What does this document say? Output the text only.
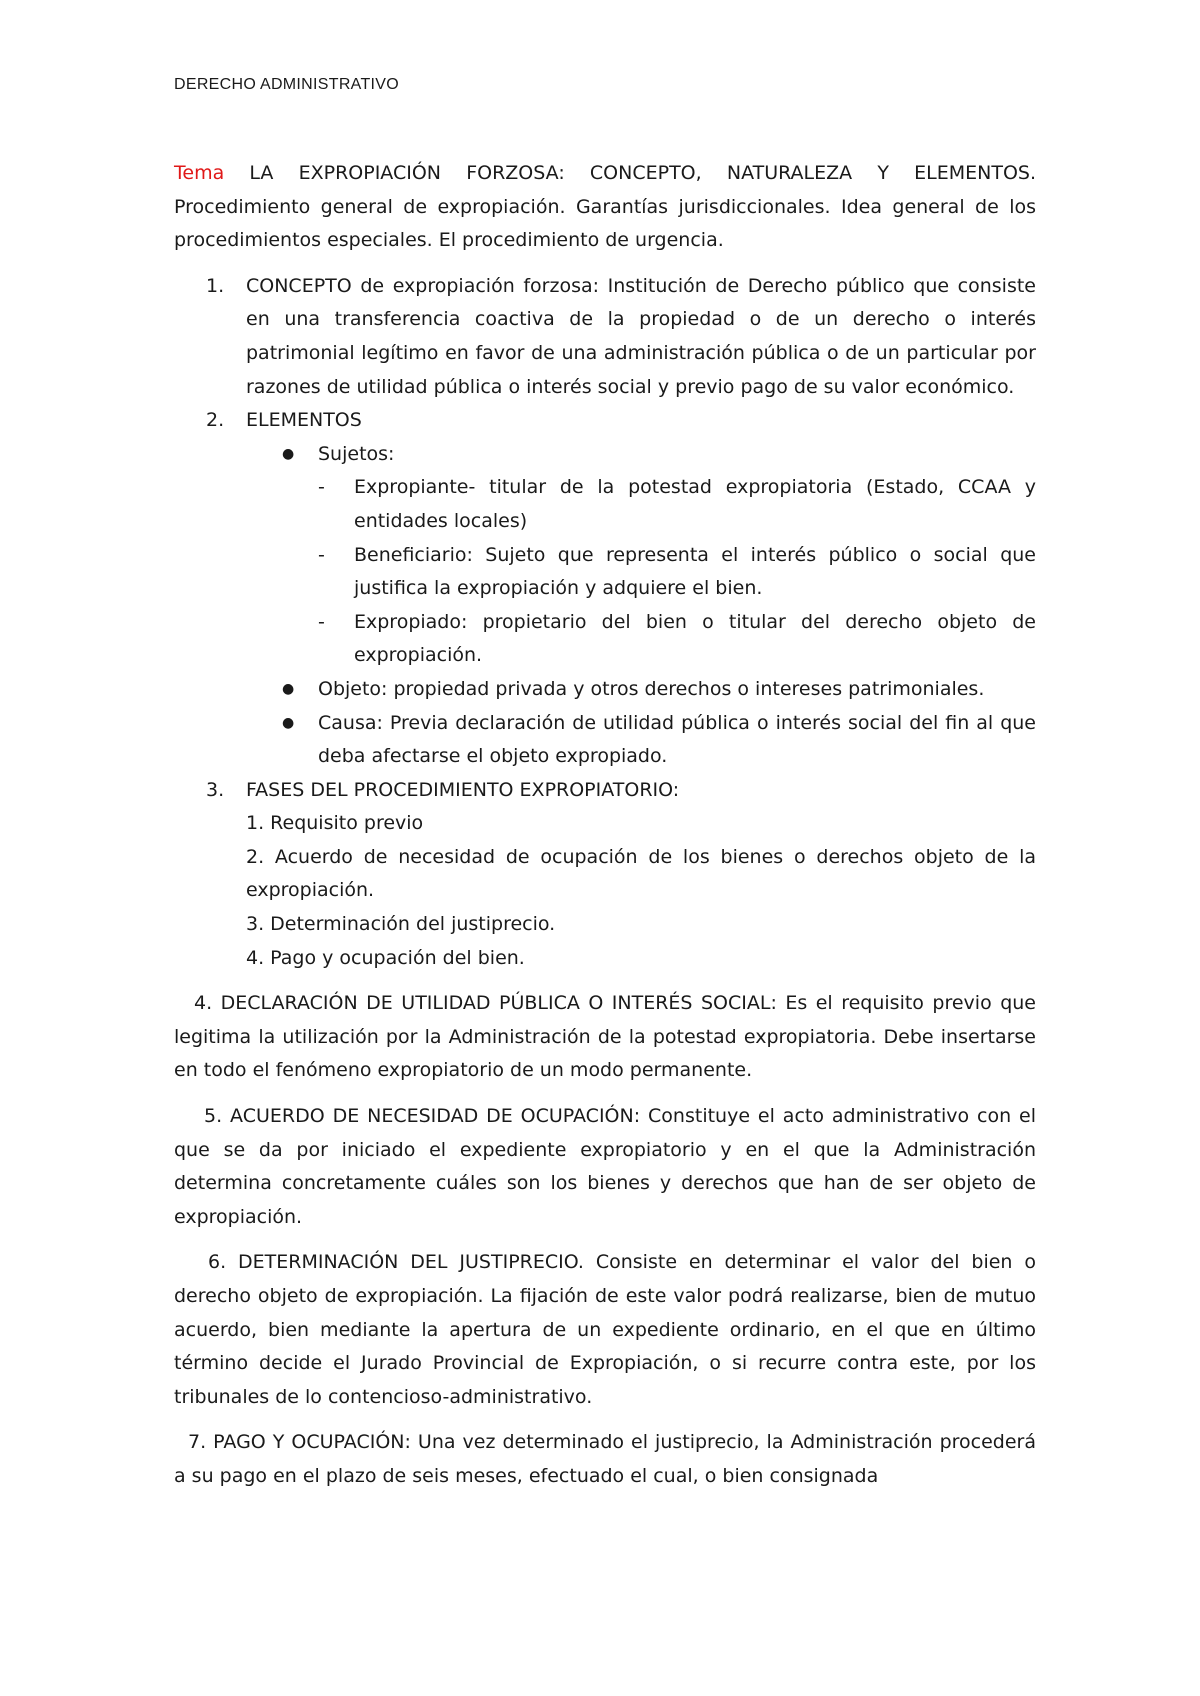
DERECHO ADMINISTRATIVO

Tema LA EXPROPIACIÓN FORZOSA: CONCEPTO, NATURALEZA Y ELEMENTOS. Procedimiento general de expropiación. Garantías jurisdiccionales. Idea general de los procedimientos especiales. El procedimiento de urgencia.

1. CONCEPTO de expropiación forzosa: Institución de Derecho público que consiste en una transferencia coactiva de la propiedad o de un derecho o interés patrimonial legítimo en favor de una administración pública o de un particular por razones de utilidad pública o interés social y previo pago de su valor económico.
2. ELEMENTOS
● Sujetos:
- Expropiante- titular de la potestad expropiatoria (Estado, CCAA y entidades locales)
- Beneficiario: Sujeto que representa el interés público o social que justifica la expropiación y adquiere el bien.
- Expropiado: propietario del bien o titular del derecho objeto de expropiación.
● Objeto: propiedad privada y otros derechos o intereses patrimoniales.
● Causa: Previa declaración de utilidad pública o interés social del fin al que deba afectarse el objeto expropiado.
3. FASES DEL PROCEDIMIENTO EXPROPIATORIO:

1. Requisito previo

2. Acuerdo de necesidad de ocupación de los bienes o derechos objeto de la expropiación.

3. Determinación del justiprecio.

4. Pago y ocupación del bien.

4. DECLARACIÓN DE UTILIDAD PÚBLICA O INTERÉS SOCIAL: Es el requisito previo que legitima la utilización por la Administración de la potestad expropiatoria. Debe insertarse en todo el fenómeno expropiatorio de un modo permanente.

5. ACUERDO DE NECESIDAD DE OCUPACIÓN: Constituye el acto administrativo con el que se da por iniciado el expediente expropiatorio y en el que la Administración determina concretamente cuáles son los bienes y derechos que han de ser objeto de expropiación.

6. DETERMINACIÓN DEL JUSTIPRECIO. Consiste en determinar el valor del bien o derecho objeto de expropiación. La fijación de este valor podrá realizarse, bien de mutuo acuerdo, bien mediante la apertura de un expediente ordinario, en el que en último término decide el Jurado Provincial de Expropiación, o si recurre contra este, por los tribunales de lo contencioso-administrativo.

7. PAGO Y OCUPACIÓN: Una vez determinado el justiprecio, la Administración procederá a su pago en el plazo de seis meses, efectuado el cual, o bien consignada
